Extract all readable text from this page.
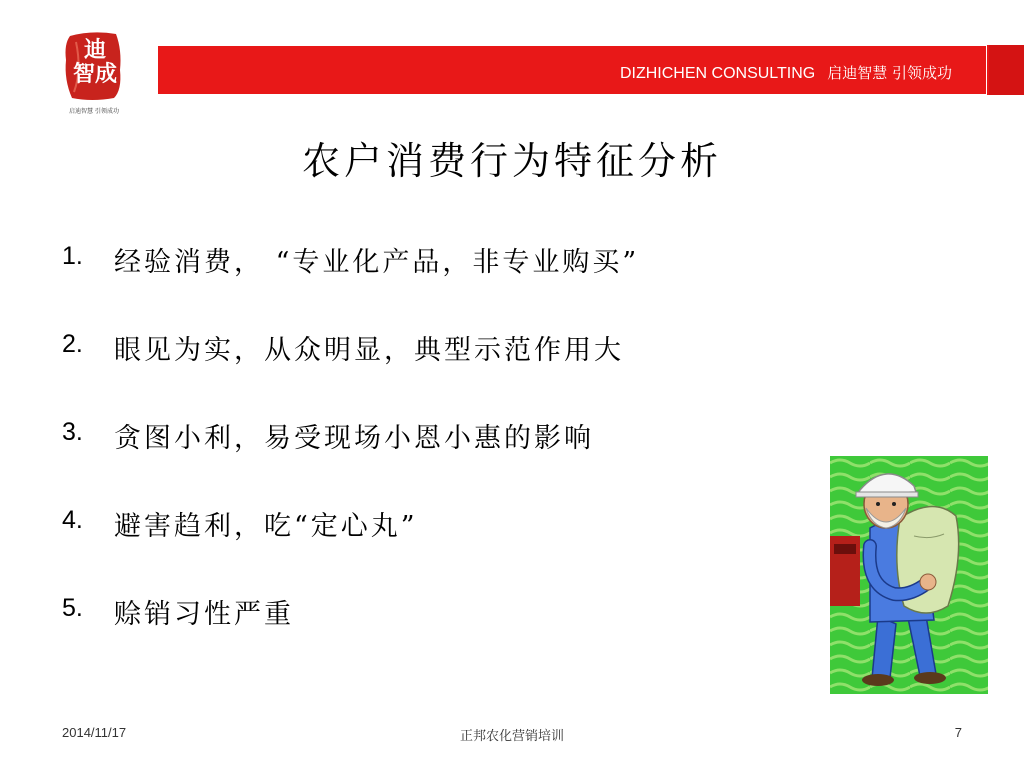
迪
智成
启迪智慧 引领成功
DIZHICHEN CONSULTING 启迪智慧 引领成功
农户消费行为特征分析
1.	经验消费， “专业化产品，非专业购买”
2.	眼见为实，从众明显，典型示范作用大
3.	贪图小利，易受现场小恩小惠的影响
4.	避害趋利，吃“定心丸”
5.	赊销习性严重
2014/11/17	正邦农化营销培训	7
